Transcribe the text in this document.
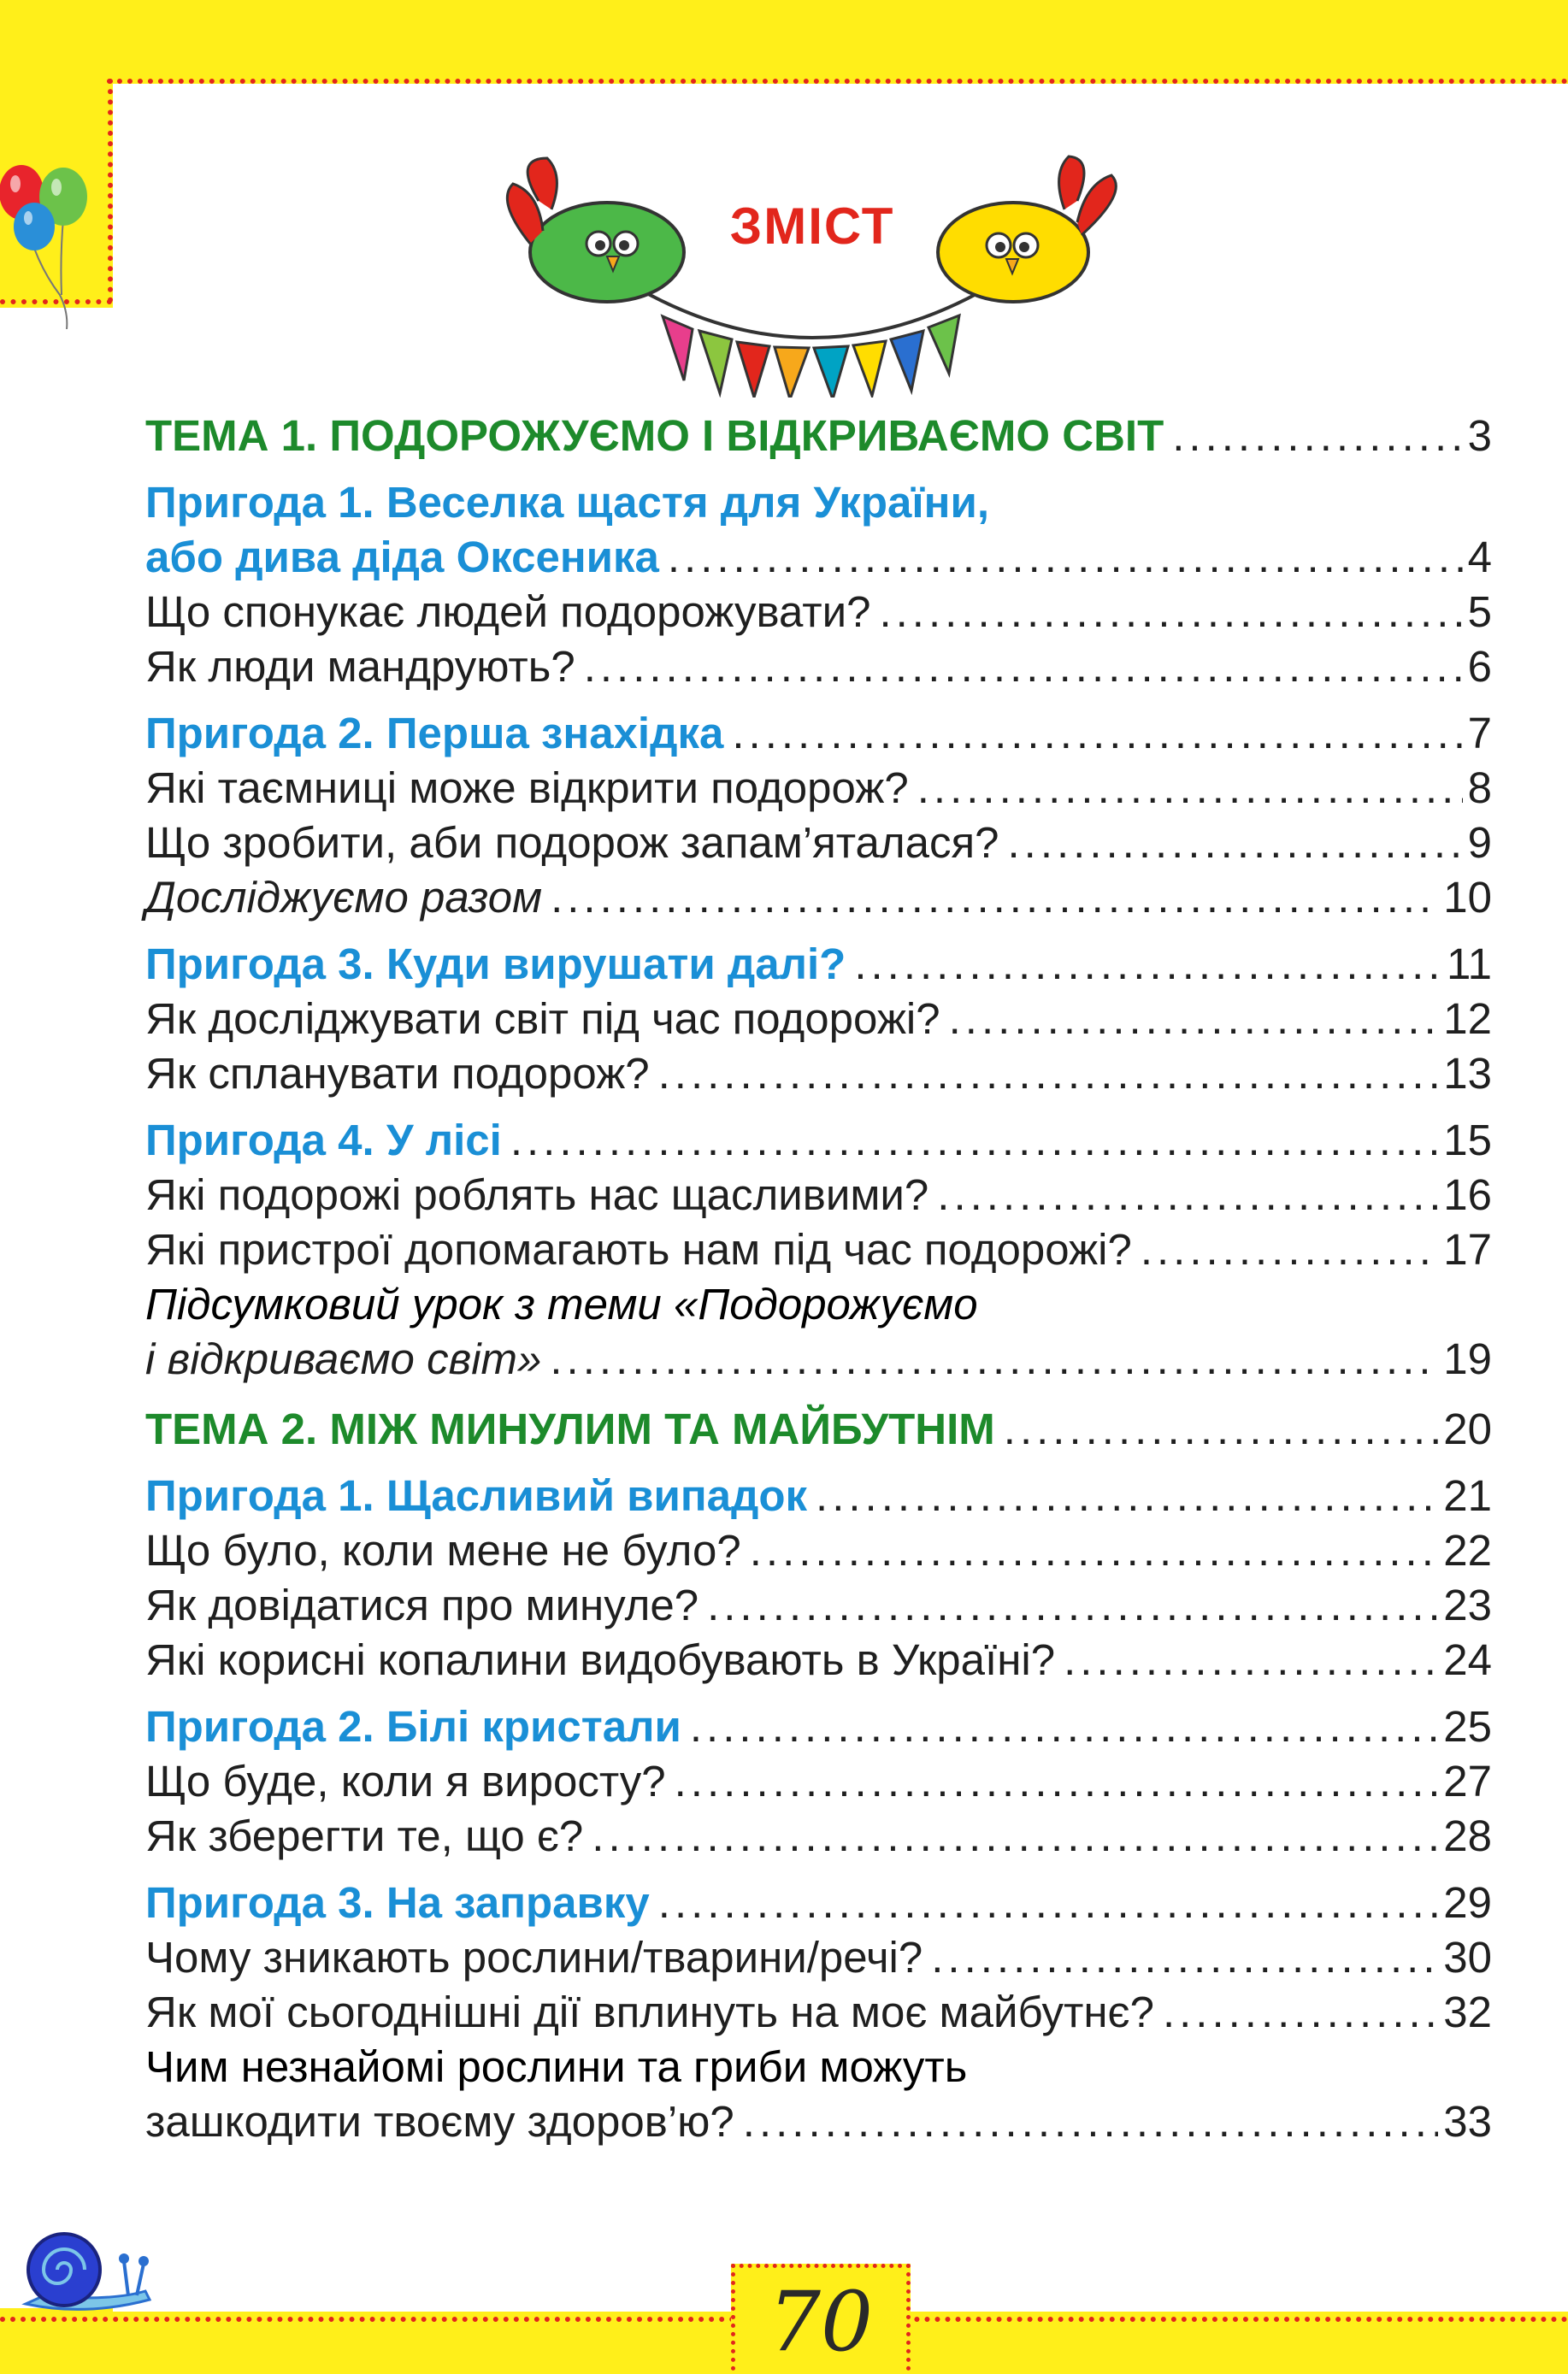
ЗМІСТ
ТЕМА 1. ПОДОРОЖУЄМО І ВІДКРИВАЄМО СВІТ .....	3
Пригода 1. Веселка щастя для України,
або дива діда Оксеника .....	4
Що спонукає людей подорожувати? .....	5
Як люди мандрують? .....	6
Пригода 2. Перша знахідка .....	7
Які таємниці може відкрити подорож? .....	8
Що зробити, аби подорож запам’яталася? .....	9
Досліджуємо разом .....	10
Пригода 3. Куди вирушати далі? .....	11
Як досліджувати світ під час подорожі? .....	12
Як спланувати подорож? .....	13
Пригода 4. У лісі .....	15
Які подорожі роблять нас щасливими? .....	16
Які пристрої допомагають нам під час подорожі? .....	17
Підсумковий урок з теми «Подорожуємо
і відкриваємо світ» .....	19
ТЕМА 2. МІЖ МИНУЛИМ ТА МАЙБУТНІМ .....	20
Пригода 1. Щасливий випадок .....	21
Що було, коли мене не було? .....	22
Як довідатися про минуле? .....	23
Які корисні копалини видобувають в Україні? .....	24
Пригода 2. Білі кристали .....	25
Що буде, коли я виросту? .....	27
Як зберегти те, що є? .....	28
Пригода 3. На заправку .....	29
Чому зникають рослини/тварини/речі? .....	30
Як мої сьогоднішні дії вплинуть на моє майбутнє? .....	32
Чим незнайомі рослини та гриби можуть
зашкодити твоєму здоров’ю? .....	33
70
